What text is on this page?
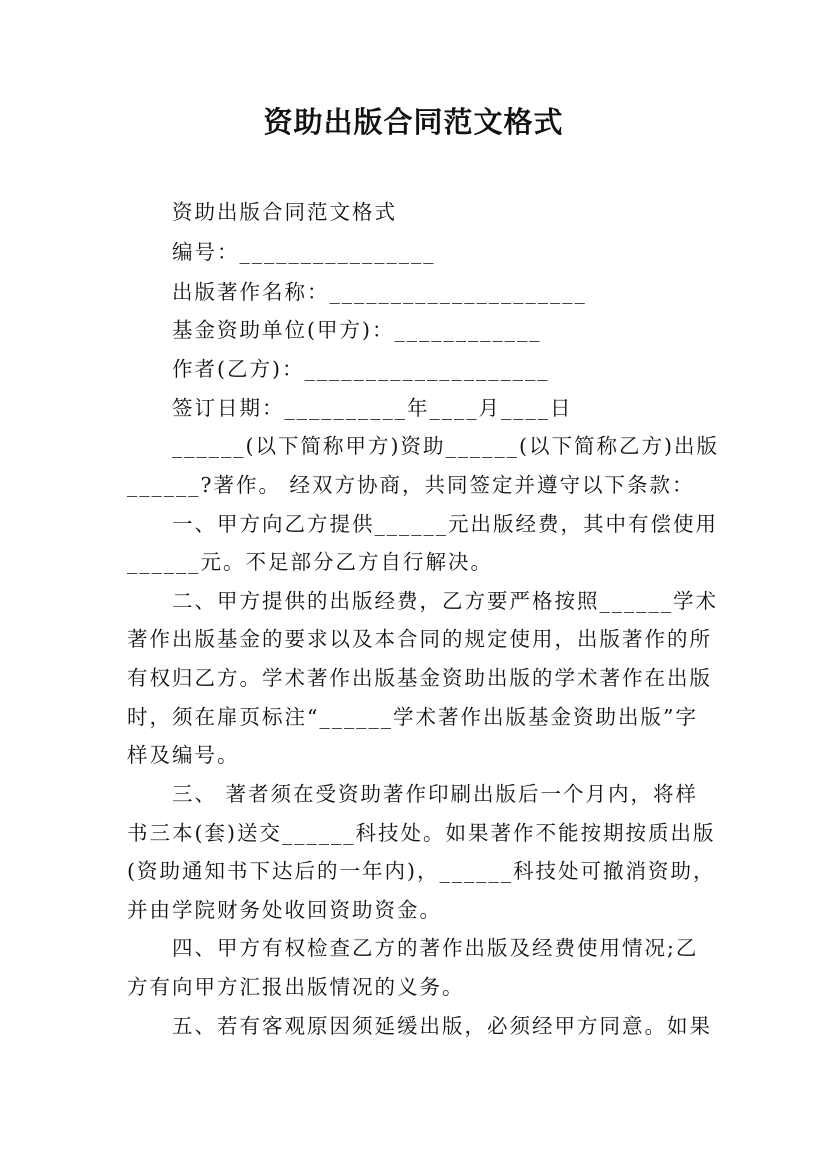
资助出版合同范文格式
资助出版合同范文格式
编号：________________
出版著作名称：_____________________
基金资助单位(甲方)：____________
作者(乙方)：____________________
签订日期：__________年____月____日
______(以下简称甲方)资助______(以下简称乙方)出版
______?著作。 经双方协商，共同签定并遵守以下条款：
一、甲方向乙方提供______元出版经费，其中有偿使用
______元。不足部分乙方自行解决。
二、甲方提供的出版经费，乙方要严格按照______学术
著作出版基金的要求以及本合同的规定使用，出版著作的所
有权归乙方。学术著作出版基金资助出版的学术著作在出版
时，须在扉页标注“______学术著作出版基金资助出版”字
样及编号。
三、 著者须在受资助著作印刷出版后一个月内，将样
书三本(套)送交______科技处。如果著作不能按期按质出版
(资助通知书下达后的一年内)，______科技处可撤消资助，
并由学院财务处收回资助资金。
四、甲方有权检查乙方的著作出版及经费使用情况;乙
方有向甲方汇报出版情况的义务。
五、若有客观原因须延缓出版，必须经甲方同意。如果
